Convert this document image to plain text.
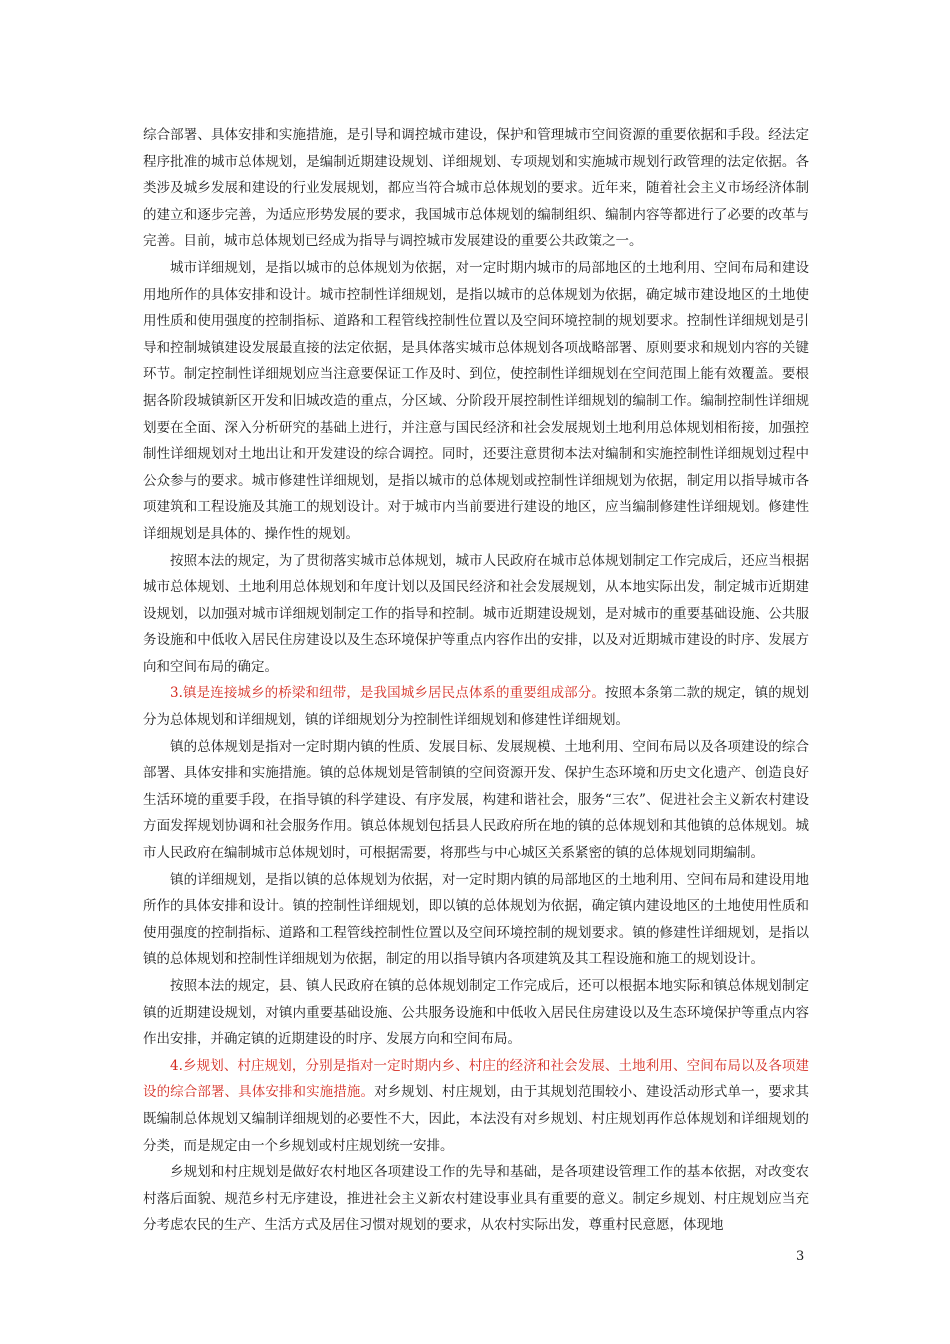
综合部署、具体安排和实施措施，是引导和调控城市建设，保护和管理城市空间资源的重要依据和手段。经法定程序批准的城市总体规划，是编制近期建设规划、详细规划、专项规划和实施城市规划行政管理的法定依据。各类涉及城乡发展和建设的行业发展规划，都应当符合城市总体规划的要求。近年来，随着社会主义市场经济体制的建立和逐步完善，为适应形势发展的要求，我国城市总体规划的编制组织、编制内容等都进行了必要的改革与完善。目前，城市总体规划已经成为指导与调控城市发展建设的重要公共政策之一。

城市详细规划，是指以城市的总体规划为依据，对一定时期内城市的局部地区的土地利用、空间布局和建设用地所作的具体安排和设计。城市控制性详细规划，是指以城市的总体规划为依据，确定城市建设地区的土地使用性质和使用强度的控制指标、道路和工程管线控制性位置以及空间环境控制的规划要求。控制性详细规划是引导和控制城镇建设发展最直接的法定依据，是具体落实城市总体规划各项战略部署、原则要求和规划内容的关键环节。制定控制性详细规划应当注意要保证工作及时、到位，使控制性详细规划在空间范围上能有效覆盖。要根据各阶段城镇新区开发和旧城改造的重点，分区域、分阶段开展控制性详细规划的编制工作。编制控制性详细规划要在全面、深入分析研究的基础上进行，并注意与国民经济和社会发展规划土地利用总体规划相衔接，加强控制性详细规划对土地出让和开发建设的综合调控。同时，还要注意贯彻本法对编制和实施控制性详细规划过程中公众参与的要求。城市修建性详细规划，是指以城市的总体规划或控制性详细规划为依据，制定用以指导城市各项建筑和工程设施及其施工的规划设计。对于城市内当前要进行建设的地区，应当编制修建性详细规划。修建性详细规划是具体的、操作性的规划。

按照本法的规定，为了贯彻落实城市总体规划，城市人民政府在城市总体规划制定工作完成后，还应当根据城市总体规划、土地利用总体规划和年度计划以及国民经济和社会发展规划，从本地实际出发，制定城市近期建设规划，以加强对城市详细规划制定工作的指导和控制。城市近期建设规划，是对城市的重要基础设施、公共服务设施和中低收入居民住房建设以及生态环境保护等重点内容作出的安排，以及对近期城市建设的时序、发展方向和空间布局的确定。

3.镇是连接城乡的桥梁和纽带，是我国城乡居民点体系的重要组成部分。按照本条第二款的规定，镇的规划分为总体规划和详细规划，镇的详细规划分为控制性详细规划和修建性详细规划。

镇的总体规划是指对一定时期内镇的性质、发展目标、发展规模、土地利用、空间布局以及各项建设的综合部署、具体安排和实施措施。镇的总体规划是管制镇的空间资源开发、保护生态环境和历史文化遗产、创造良好生活环境的重要手段，在指导镇的科学建设、有序发展，构建和谐社会，服务“三农”、促进社会主义新农村建设方面发挥规划协调和社会服务作用。镇总体规划包括县人民政府所在地的镇的总体规划和其他镇的总体规划。城市人民政府在编制城市总体规划时，可根据需要，将那些与中心城区关系紧密的镇的总体规划同期编制。

镇的详细规划，是指以镇的总体规划为依据，对一定时期内镇的局部地区的土地利用、空间布局和建设用地所作的具体安排和设计。镇的控制性详细规划，即以镇的总体规划为依据，确定镇内建设地区的土地使用性质和使用强度的控制指标、道路和工程管线控制性位置以及空间环境控制的规划要求。镇的修建性详细规划，是指以镇的总体规划和控制性详细规划为依据，制定的用以指导镇内各项建筑及其工程设施和施工的规划设计。

按照本法的规定，县、镇人民政府在镇的总体规划制定工作完成后，还可以根据本地实际和镇总体规划制定镇的近期建设规划，对镇内重要基础设施、公共服务设施和中低收入居民住房建设以及生态环境保护等重点内容作出安排，并确定镇的近期建设的时序、发展方向和空间布局。

4.乡规划、村庄规划，分别是指对一定时期内乡、村庄的经济和社会发展、土地利用、空间布局以及各项建设的综合部署、具体安排和实施措施。对乡规划、村庄规划，由于其规划范围较小、建设活动形式单一，要求其既编制总体规划又编制详细规划的必要性不大，因此，本法没有对乡规划、村庄规划再作总体规划和详细规划的分类，而是规定由一个乡规划或村庄规划统一安排。

乡规划和村庄规划是做好农村地区各项建设工作的先导和基础，是各项建设管理工作的基本依据，对改变农村落后面貌、规范乡村无序建设，推进社会主义新农村建设事业具有重要的意义。制定乡规划、村庄规划应当充分考虑农民的生产、生活方式及居住习惯对规划的要求，从农村实际出发，尊重村民意愿，体现地

3
